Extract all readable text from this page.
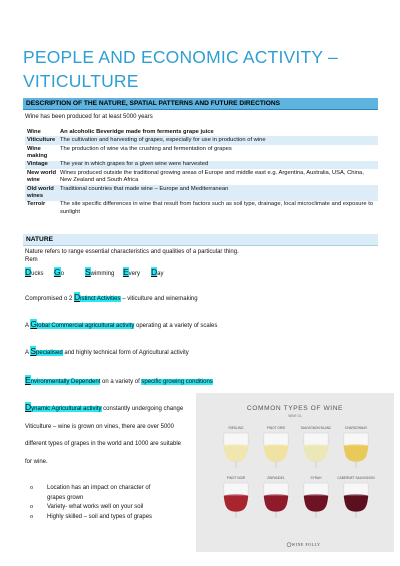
PEOPLE AND ECONOMIC ACTIVITY – VITICULTURE
DESCRIPTION OF THE NATURE, SPATIAL PATTERNS AND FUTURE DIRECTIONS
Wine has been produced for at least 5000 years
Wine	An alcoholic Beveridge made from ferments grape juice
Viticulture	The cultivation and harvesting of grapes, especially for use in production of wine
Wine making	The production of wine via the crushing and fermentation of grapes
Vintage	The year in which grapes for a given wine were harvested
New world wine	Wines produced outside the traditional growing areas of Europe and middle east e.g. Argentina, Australia, USA, China, New Zealand and South Africa
Old world wines	Traditional countries that made wine – Europe and Mediterranean
Terroir	The site specific differences in wine that result from factors such as soil type, drainage, local microclimate and exposure to sunlight
NATURE
Nature refers to range essential characteristics and qualities of a particular thing.
Rem
Ducks Go Swimming Every Day
Compromised o 2 Distinct Activities – viticulture and winemaking
A Global Commercial agricultural activity operating at a variety of scales
A Specialised and highly technical form of Agricultural activity
Environmentally Dependent on a variety of specific growing conditions
Dynamic Agricultural activity constantly undergoing change
Viticulture – wine is grown on vines, there are over 5000
different types of grapes in the world and 1000 are suitable
for wine.
o Location has an impact on character of grapes grown
o Variety- what works well on your soil
o Highly skilled – soil and types of grapes
COMMON TYPES OF WINE
WINE GL
RIESLING	PINOT GRIS	SAUVIGNON BLANC	CHARDONNAY
PINOT NOIR	ZINFANDEL	SYRAH	CABERNET SAUVIGNON
WINE FOLLY
